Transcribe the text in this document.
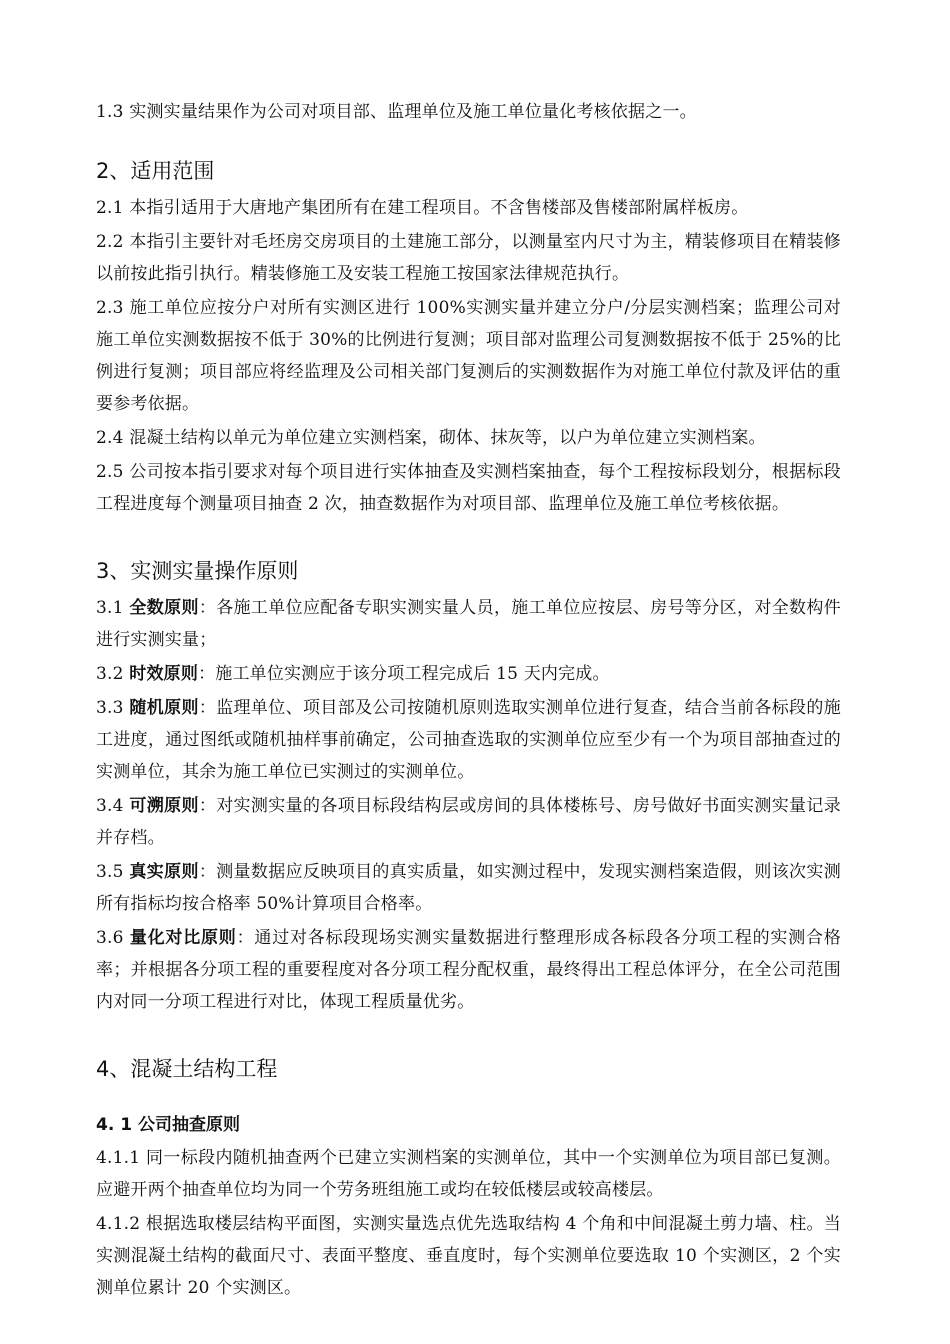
1.3 实测实量结果作为公司对项目部、监理单位及施工单位量化考核依据之一。

2、适用范围

2.1 本指引适用于大唐地产集团所有在建工程项目。不含售楼部及售楼部附属样板房。

2.2 本指引主要针对毛坯房交房项目的土建施工部分，以测量室内尺寸为主，精装修项目在精装修以前按此指引执行。精装修施工及安装工程施工按国家法律规范执行。

2.3 施工单位应按分户对所有实测区进行 100%实测实量并建立分户/分层实测档案；监理公司对施工单位实测数据按不低于 30%的比例进行复测；项目部对监理公司复测数据按不低于 25%的比例进行复测；项目部应将经监理及公司相关部门复测后的实测数据作为对施工单位付款及评估的重要参考依据。

2.4 混凝土结构以单元为单位建立实测档案，砌体、抹灰等，以户为单位建立实测档案。

2.5 公司按本指引要求对每个项目进行实体抽查及实测档案抽查，每个工程按标段划分，根据标段工程进度每个测量项目抽查 2 次，抽查数据作为对项目部、监理单位及施工单位考核依据。

3、实测实量操作原则

3.1 全数原则：各施工单位应配备专职实测实量人员，施工单位应按层、房号等分区，对全数构件进行实测实量；

3.2 时效原则：施工单位实测应于该分项工程完成后 15 天内完成。

3.3 随机原则：监理单位、项目部及公司按随机原则选取实测单位进行复查，结合当前各标段的施工进度，通过图纸或随机抽样事前确定，公司抽查选取的实测单位应至少有一个为项目部抽查过的实测单位，其余为施工单位已实测过的实测单位。

3.4 可溯原则：对实测实量的各项目标段结构层或房间的具体楼栋号、房号做好书面实测实量记录并存档。

3.5 真实原则：测量数据应反映项目的真实质量，如实测过程中，发现实测档案造假，则该次实测所有指标均按合格率 50%计算项目合格率。

3.6 量化对比原则：通过对各标段现场实测实量数据进行整理形成各标段各分项工程的实测合格率；并根据各分项工程的重要程度对各分项工程分配权重，最终得出工程总体评分，在全公司范围内对同一分项工程进行对比，体现工程质量优劣。

4、混凝土结构工程

4. 1 公司抽查原则

4.1.1 同一标段内随机抽查两个已建立实测档案的实测单位，其中一个实测单位为项目部已复测。应避开两个抽查单位均为同一个劳务班组施工或均在较低楼层或较高楼层。

4.1.2 根据选取楼层结构平面图，实测实量选点优先选取结构 4 个角和中间混凝土剪力墙、柱。当实测混凝土结构的截面尺寸、表面平整度、垂直度时，每个实测单位要选取 10 个实测区，2 个实测单位累计 20 个实测区。
